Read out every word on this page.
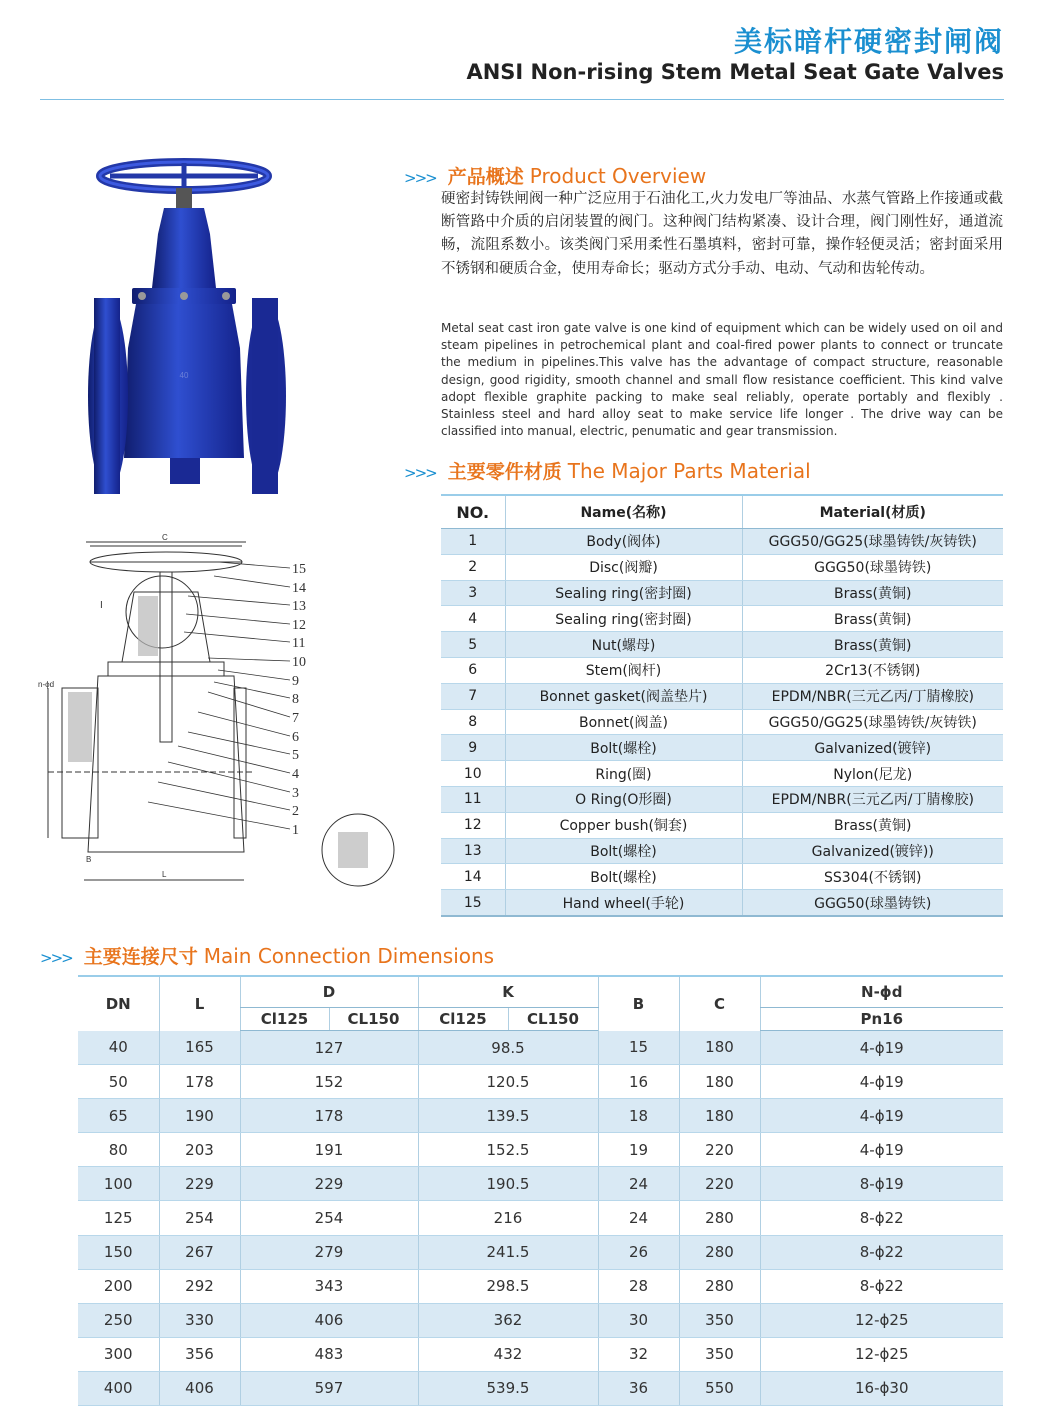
美标暗杆硬密封闸阀
ANSI Non-rising Stem Metal Seat Gate Valves
40
15
14
13
12
11
10
9
8
7
6
5
4
3
2
1
C
L
B
n-ϕd
I
>>> 产品概述 Product Overview
硬密封铸铁闸阀一种广泛应用于石油化工,火力发电厂等油品、水蒸气管路上作接通或截断管路中介质的启闭装置的阀门。这种阀门结构紧凑、设计合理，阀门刚性好，通道流畅，流阻系数小。该类阀门采用柔性石墨填料，密封可靠，操作轻便灵活；密封面采用不锈钢和硬质合金，使用寿命长；驱动方式分手动、电动、气动和齿轮传动。
Metal seat cast iron gate valve is one kind of equipment which can be widely used on oil and steam pipelines in petrochemical plant and coal-fired power plants to connect or truncate the medium in pipelines.This valve has the advantage of compact structure, reasonable design, good rigidity, smooth channel and small flow resistance coefficient. This kind valve adopt flexible graphite packing to make seal reliably, operate portably and flexibly . Stainless steel and hard alloy seat to make service life longer . The drive way can be classified into manual, electric, penumatic and gear transmission.
>>> 主要零件材质 The Major Parts Material
NO.	Name(名称)	Material(材质)
1	Body(阀体)	GGG50/GG25(球墨铸铁/灰铸铁)
2	Disc(阀瓣)	GGG50(球墨铸铁)
3	Sealing ring(密封圈)	Brass(黄铜)
4	Sealing ring(密封圈)	Brass(黄铜)
5	Nut(螺母)	Brass(黄铜)
6	Stem(阀杆)	2Cr13(不锈钢)
7	Bonnet gasket(阀盖垫片)	EPDM/NBR(三元乙丙/丁腈橡胶)
8	Bonnet(阀盖)	GGG50/GG25(球墨铸铁/灰铸铁)
9	Bolt(螺栓)	Galvanized(镀锌)
10	Ring(圈)	Nylon(尼龙)
11	O Ring(O形圈)	EPDM/NBR(三元乙丙/丁腈橡胶)
12	Copper bush(铜套)	Brass(黄铜)
13	Bolt(螺栓)	Galvanized(镀锌))
14	Bolt(螺栓)	SS304(不锈钢)
15	Hand wheel(手轮)	GGG50(球墨铸铁)
>>> 主要连接尺寸 Main Connection Dimensions
DN	L	D		K		B	C	N-ϕd
		Cl125	CL150	Cl125	CL150			Pn16
40	165	127		98.5		15	180	4-ϕ19
50	178	152		120.5		16	180	4-ϕ19
65	190	178		139.5		18	180	4-ϕ19
80	203	191		152.5		19	220	4-ϕ19
100	229	229		190.5		24	220	8-ϕ19
125	254	254		216		24	280	8-ϕ22
150	267	279		241.5		26	280	8-ϕ22
200	292	343		298.5		28	280	8-ϕ22
250	330	406		362		30	350	12-ϕ25
300	356	483		432		32	350	12-ϕ25
400	406	597		539.5		36	550	16-ϕ30
